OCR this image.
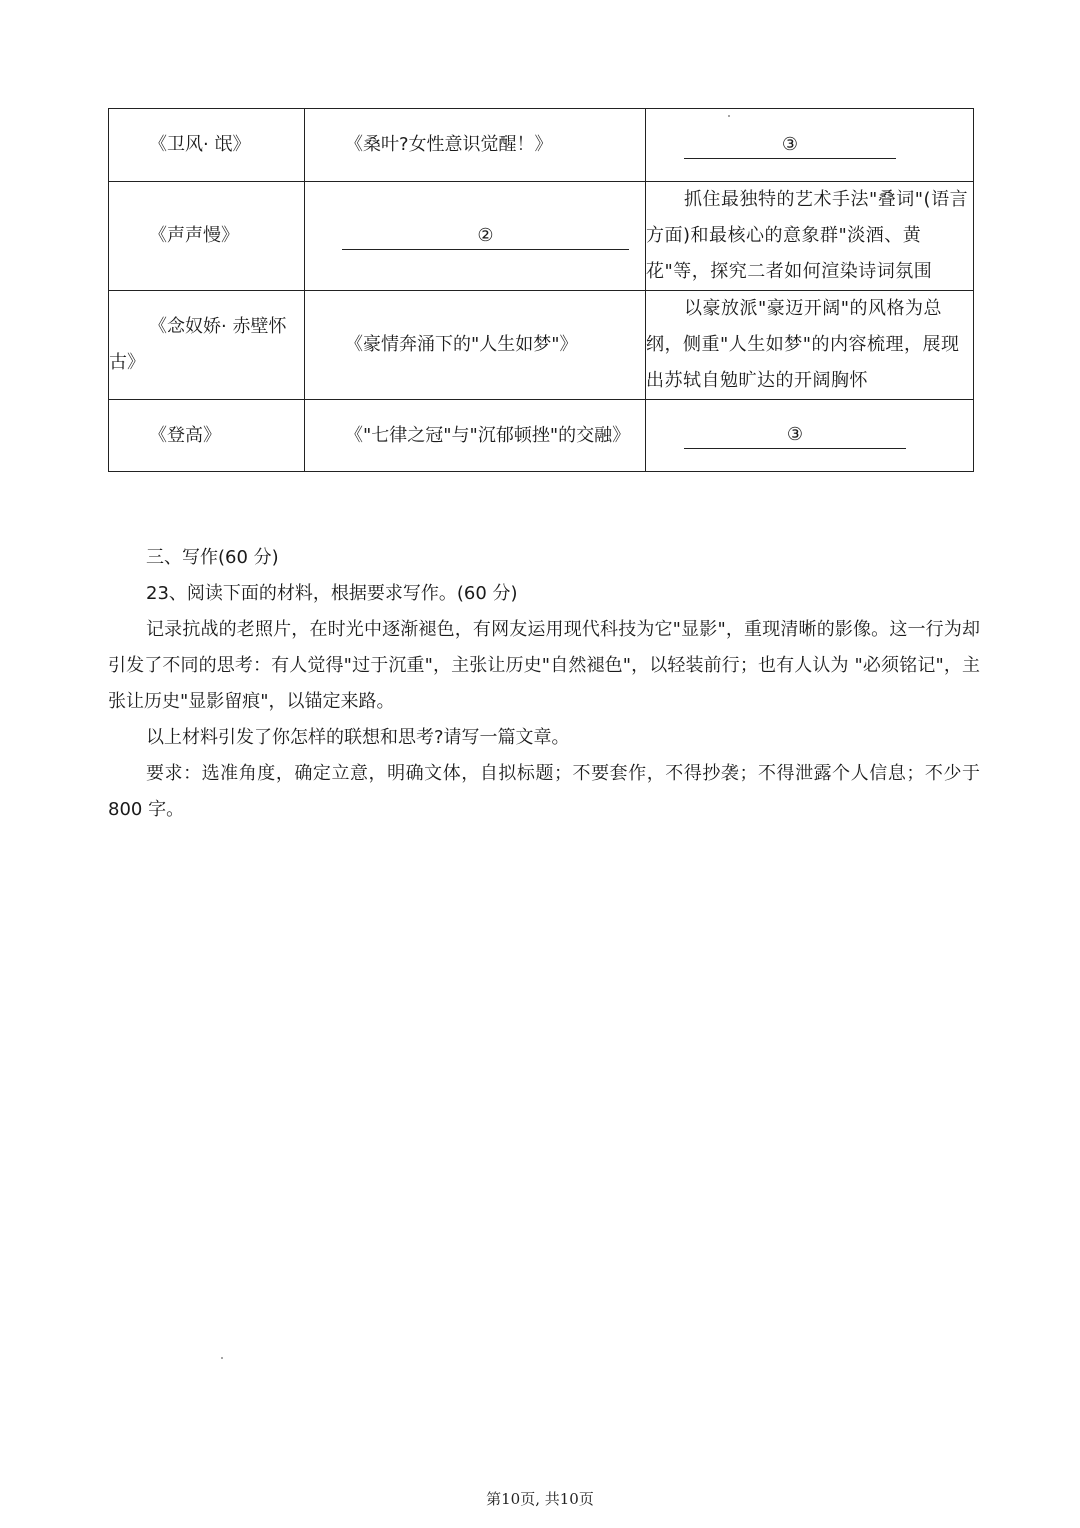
《卫风· 氓》	《桑叶?女性意识觉醒！》	③

《声声慢》	②	抓住最独特的艺术手法"叠词"(语言方面)和最核心的意象群"淡酒、黄花"等，探究二者如何渲染诗词氛围
《念奴娇· 赤壁怀古》	《豪情奔涌下的"人生如梦"》	以豪放派"豪迈开阔"的风格为总纲，侧重"人生如梦"的内容梳理，展现出苏轼自勉旷达的开阔胸怀
《登高》	《"七律之冠"与"沉郁顿挫"的交融》	③

三、写作(60 分)

23、阅读下面的材料，根据要求写作。(60 分)

记录抗战的老照片，在时光中逐渐褪色，有网友运用现代科技为它"显影"，重现清晰的影像。这一行为却引发了不同的思考：有人觉得"过于沉重"，主张让历史"自然褪色"，以轻装前行；也有人认为 "必须铭记"，主张让历史"显影留痕"，以锚定来路。

以上材料引发了你怎样的联想和思考?请写一篇文章。

要求：选准角度，确定立意，明确文体，自拟标题；不要套作，不得抄袭；不得泄露个人信息；不少于 800 字。

第10页, 共10页
